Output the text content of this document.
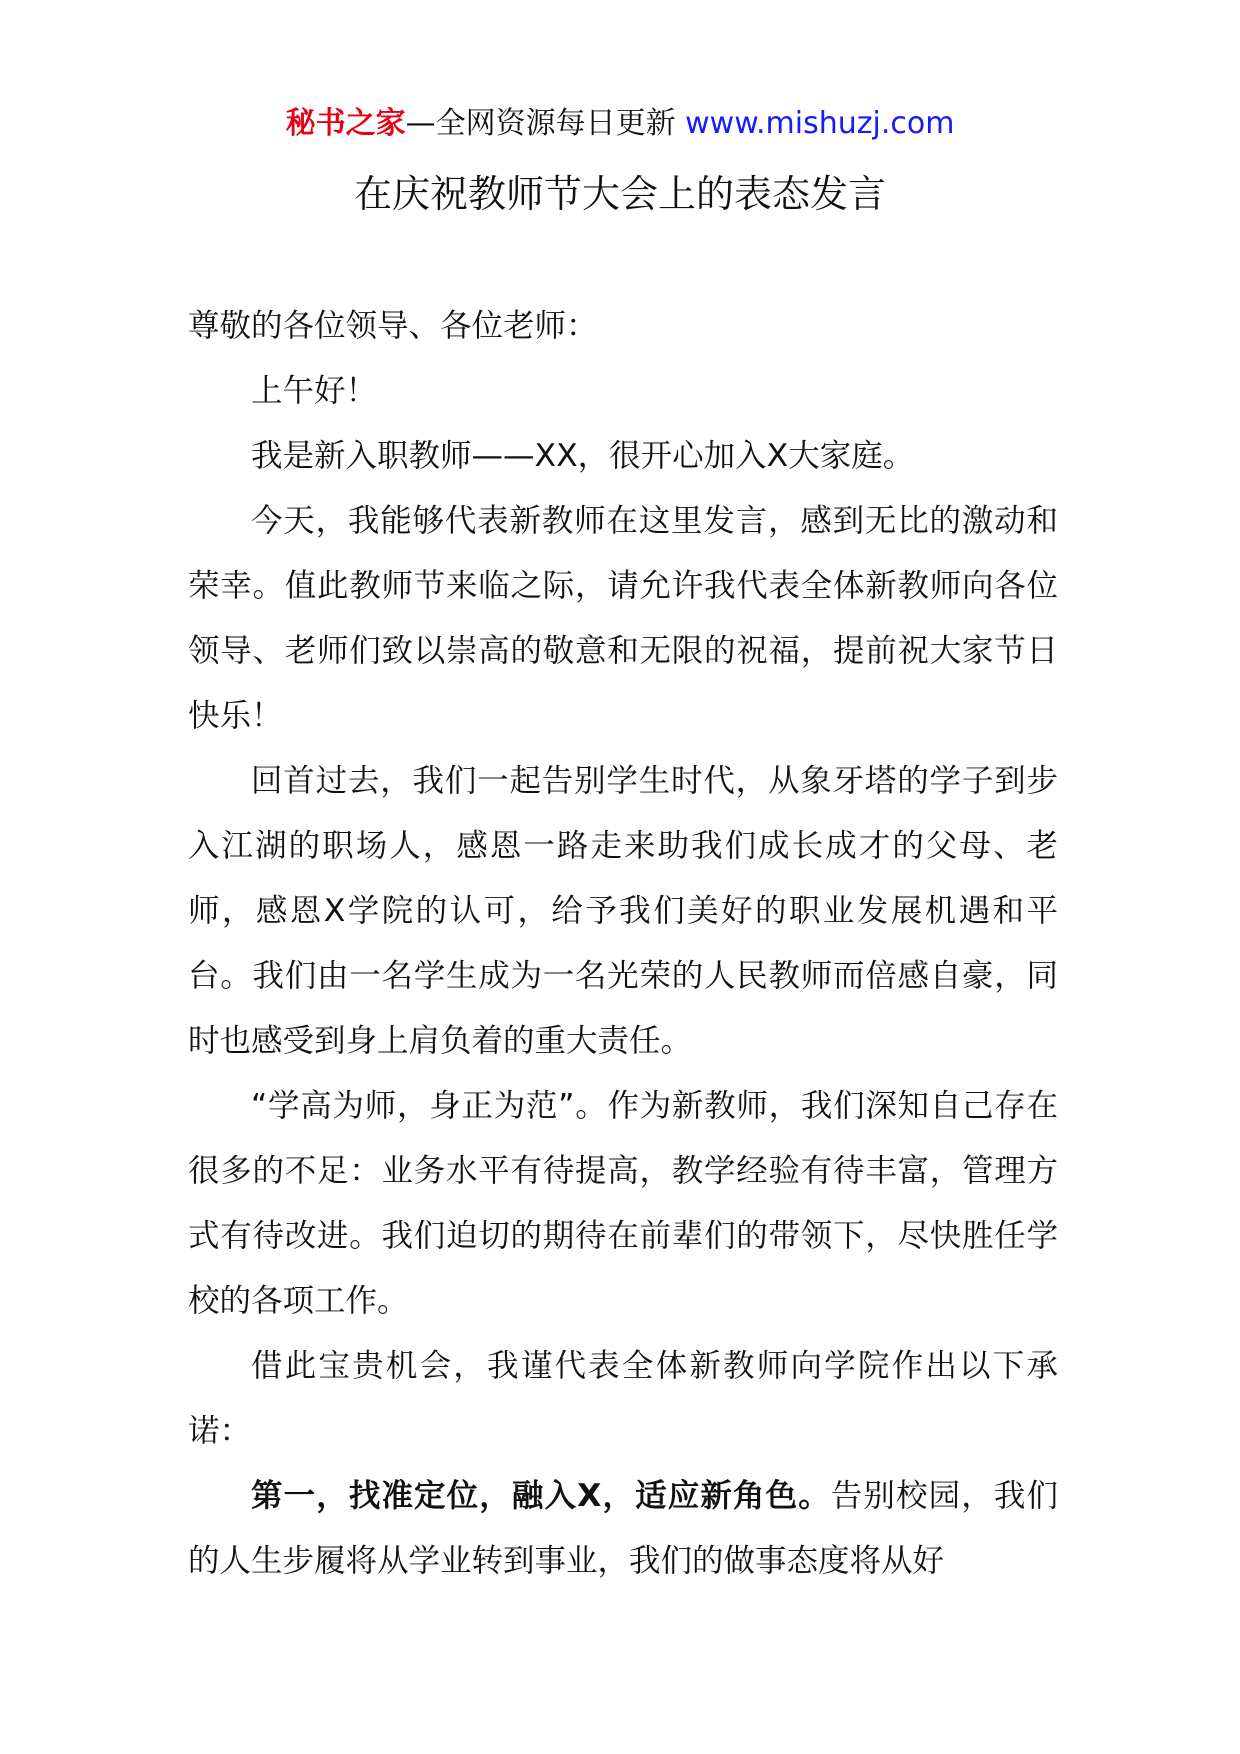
秘书之家—全网资源每日更新 www.mishuzj.com
在庆祝教师节大会上的表态发言

尊敬的各位领导、各位老师：

上午好！

我是新入职教师——XX，很开心加入X大家庭。

今天，我能够代表新教师在这里发言，感到无比的激动和荣幸。值此教师节来临之际，请允许我代表全体新教师向各位领导、老师们致以崇高的敬意和无限的祝福，提前祝大家节日快乐！

回首过去，我们一起告别学生时代，从象牙塔的学子到步入江湖的职场人，感恩一路走来助我们成长成才的父母、老师，感恩X学院的认可，给予我们美好的职业发展机遇和平台。我们由一名学生成为一名光荣的人民教师而倍感自豪，同时也感受到身上肩负着的重大责任。

“学高为师，身正为范”。作为新教师，我们深知自己存在很多的不足：业务水平有待提高，教学经验有待丰富，管理方式有待改进。我们迫切的期待在前辈们的带领下，尽快胜任学校的各项工作。

借此宝贵机会，我谨代表全体新教师向学院作出以下承诺：

第一，找准定位，融入X，适应新角色。告别校园，我们的人生步履将从学业转到事业，我们的做事态度将从好
